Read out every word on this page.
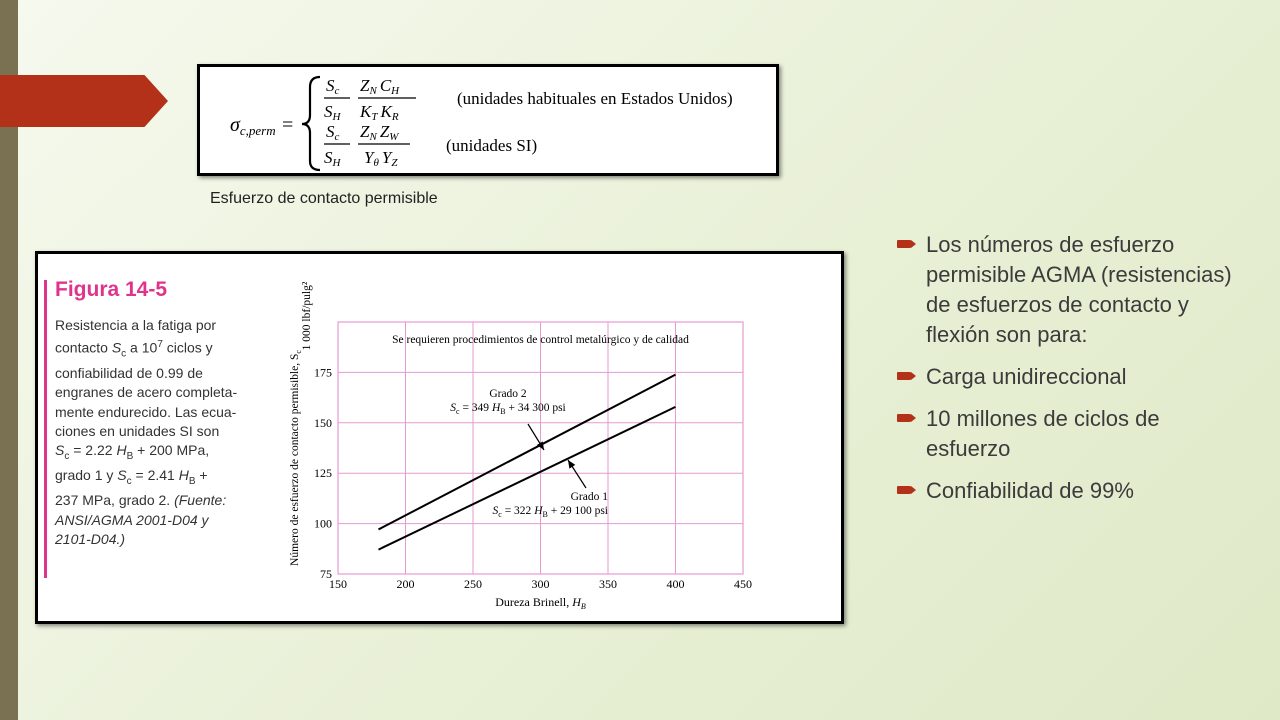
$\sigma_{c,perm}$ =
Sc
SH
ZN CH
KT KR
(unidades habituales en Estados Unidos)
Sc
SH
ZN ZW
Yθ YZ
(unidades SI)
Esfuerzo de contacto permisible
Figura 14-5
Resistencia a la fatiga por
contacto $S_c$ a $10^7$ ciclos y
confiabilidad de 0.99 de
engranes de acero completa-
mente endurecido. Las ecua-
ciones en unidades SI son
$S_c = 2.22$ $H_B + 200$ MPa,
grado 1 y $S_c = 2.41$ $H_B$ +
237 MPa, grado 2. (Fuente:
ANSI/AGMA 2001-D04 y
2101-D04.)
150	200	250	300	350	400	450
75
100
125
150
175
Se requieren procedimientos de control metalúrgico y de calidad
Dureza Brinell, $H_B$
Número de esfuerzo de contacto permisible, $S_c$
1 000 lbf/pulg²
Grado 2
$S_c = 349$ $H_B + 34$ 300 psi
Grado 1
$S_c = 322$ $H_B + 29$ 100 psi
Los números de esfuerzo permisible AGMA (resistencias) de esfuerzos de contacto y flexión son para:
Carga unidireccional
10 millones de ciclos de esfuerzo
Confiabilidad de 99%
